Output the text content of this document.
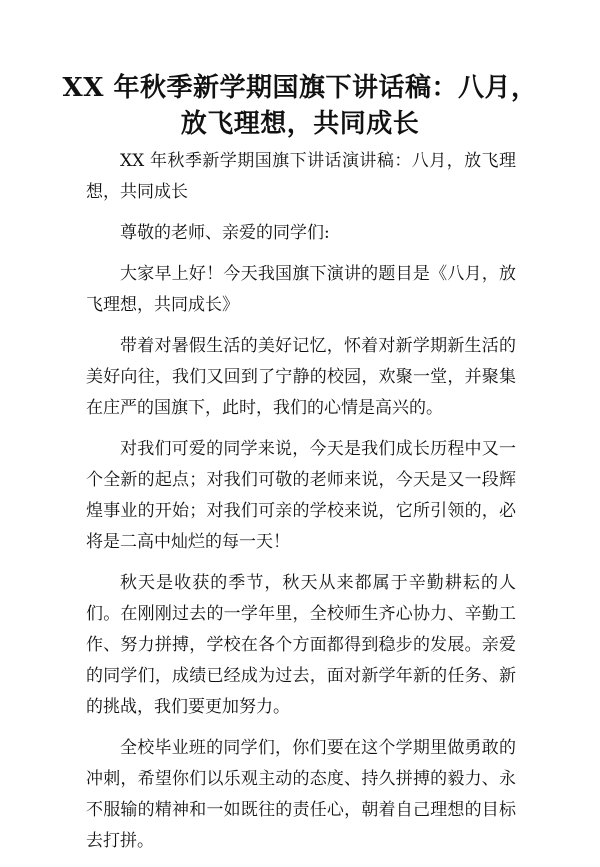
XX 年秋季新学期国旗下讲话稿：八月，放飞理想，共同成长

XX 年秋季新学期国旗下讲话演讲稿：八月，放飞理想，共同成长

尊敬的老师、亲爱的同学们:

大家早上好！今天我国旗下演讲的题目是《八月，放飞理想，共同成长》

带着对暑假生活的美好记忆，怀着对新学期新生活的美好向往，我们又回到了宁静的校园，欢聚一堂，并聚集在庄严的国旗下，此时，我们的心情是高兴的。

对我们可爱的同学来说，今天是我们成长历程中又一个全新的起点；对我们可敬的老师来说，今天是又一段辉煌事业的开始；对我们可亲的学校来说，它所引领的，必将是二高中灿烂的每一天！

秋天是收获的季节，秋天从来都属于辛勤耕耘的人们。在刚刚过去的一学年里，全校师生齐心协力、辛勤工作、努力拼搏，学校在各个方面都得到稳步的发展。亲爱的同学们，成绩已经成为过去，面对新学年新的任务、新的挑战，我们要更加努力。

全校毕业班的同学们，你们要在这个学期里做勇敢的冲刺，希望你们以乐观主动的态度、持久拼搏的毅力、永不服输的精神和一如既往的责任心，朝着自己理想的目标去打拼。
